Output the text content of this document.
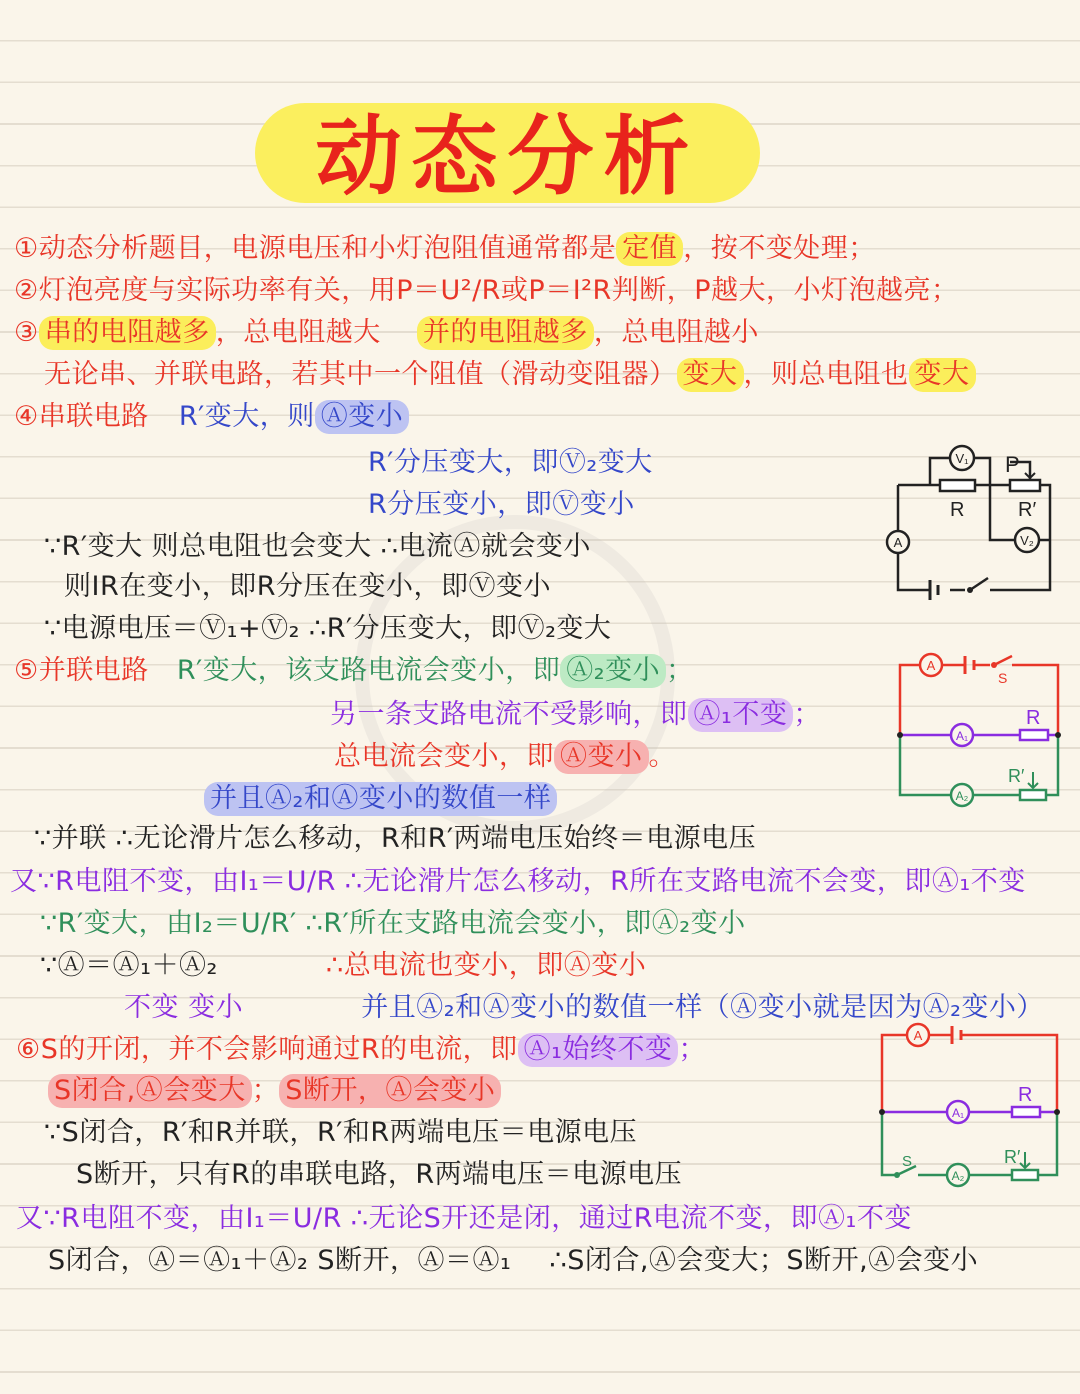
动态分析
①动态分析题目，电源电压和小灯泡阻值通常都是 定值 ，按不变处理；
②灯泡亮度与实际功率有关，用P＝U²/R或P＝I²R判断，P越大，小灯泡越亮；
③ 串的电阻越多 ，总电阻越大 并的电阻越多 ，总电阻越小
无论串、并联电路，若其中一个阻值（滑动变阻器） 变大 ，则总电阻也 变大
④串联电路 R′变大，则 Ⓐ变小
R′分压变大，即Ⓥ₂变大
R分压变小，即Ⓥ变小
∵R′变大 则总电阻也会变大 ∴电流Ⓐ就会变小
则IR在变小，即R分压在变小，即Ⓥ变小
∵电源电压＝Ⓥ₁+Ⓥ₂ ∴R′分压变大，即Ⓥ₂变大
⑤并联电路 R′变大，该支路电流会变小，即 Ⓐ₂变小 ；
另一条支路电流不受影响，即 Ⓐ₁不变 ；
总电流会变小，即 Ⓐ变小 。
并且Ⓐ₂和Ⓐ变小的数值一样
∵并联 ∴无论滑片怎么移动，R和R′两端电压始终＝电源电压
又∵R电阻不变，由I₁＝U/R ∴无论滑片怎么移动，R所在支路电流不会变，即Ⓐ₁不变
∵R′变大，由I₂＝U/R′ ∴R′所在支路电流会变小，即Ⓐ₂变小
∵Ⓐ＝Ⓐ₁＋Ⓐ₂	∴总电流也变小，即Ⓐ变小
不变 变小	并且Ⓐ₂和Ⓐ变小的数值一样（Ⓐ变小就是因为Ⓐ₂变小）
⑥S的开闭，并不会影响通过R的电流，即 Ⓐ₁始终不变 ；
S闭合,Ⓐ会变大 ； S断开，Ⓐ会变小
∵S闭合，R′和R并联，R′和R两端电压＝电源电压
S断开，只有R的串联电路，R两端电压＝电源电压
又∵R电阻不变，由I₁＝U/R ∴无论S开还是闭，通过R电流不变，即Ⓐ₁不变
S闭合，Ⓐ＝Ⓐ₁＋Ⓐ₂ S断开，Ⓐ＝Ⓐ₁ ∴S闭合,Ⓐ会变大；S断开,Ⓐ会变小
V₁
V₂
A
P
R	R′
S
A
A₁
R
A₂
R′
A
A₁
R
S
A₂
R′
